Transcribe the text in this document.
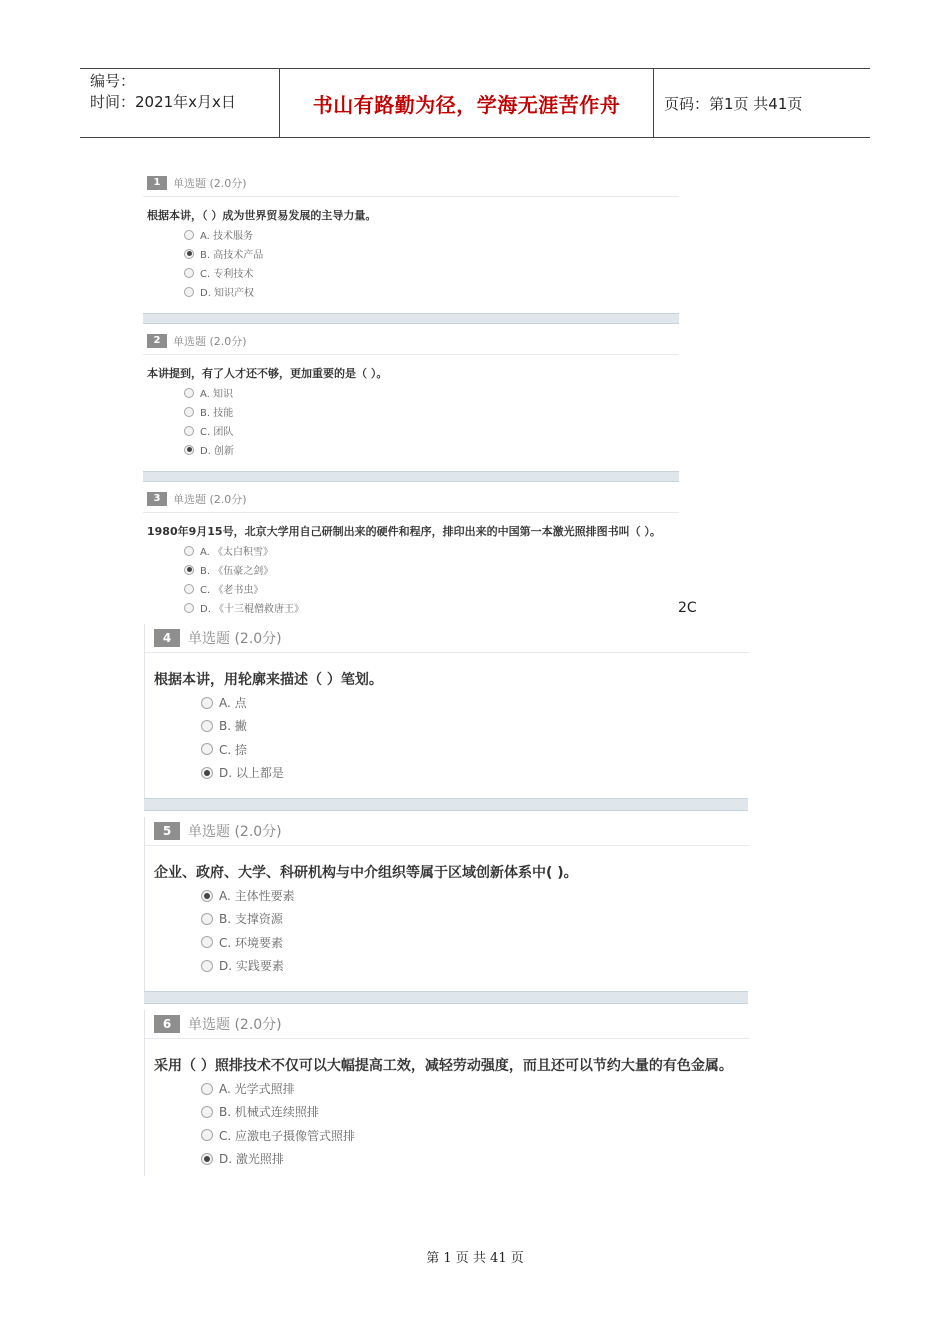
编号：
时间：2021年x月x日	书山有路勤为径，学海无涯苦作舟	页码：第1页 共41页
1	单选题 (2.0分)
根据本讲，（ ）成为世界贸易发展的主导力量。
A. 技术服务
B. 高技术产品
C. 专利技术
D. 知识产权
2	单选题 (2.0分)
本讲提到，有了人才还不够，更加重要的是（ ）。
A. 知识
B. 技能
C. 团队
D. 创新
3	单选题 (2.0分)
1980年9月15号，北京大学用自己研制出来的硬件和程序，排印出来的中国第一本激光照排图书叫（ ）。
A. 《太白积雪》
B. 《伍豪之剑》
C. 《老书虫》
D. 《十三棍僧救唐王》	2C
4	单选题 (2.0分)
根据本讲，用轮廓来描述（ ）笔划。
A. 点
B. 撇
C. 捺
D. 以上都是
5	单选题 (2.0分)
企业、政府、大学、科研机构与中介组织等属于区域创新体系中( )。
A. 主体性要素
B. 支撑资源
C. 环境要素
D. 实践要素
6	单选题 (2.0分)
采用（ ）照排技术不仅可以大幅提高工效，减轻劳动强度，而且还可以节约大量的有色金属。
A. 光学式照排
B. 机械式连续照排
C. 应激电子摄像管式照排
D. 激光照排
第 1 页 共 41 页
